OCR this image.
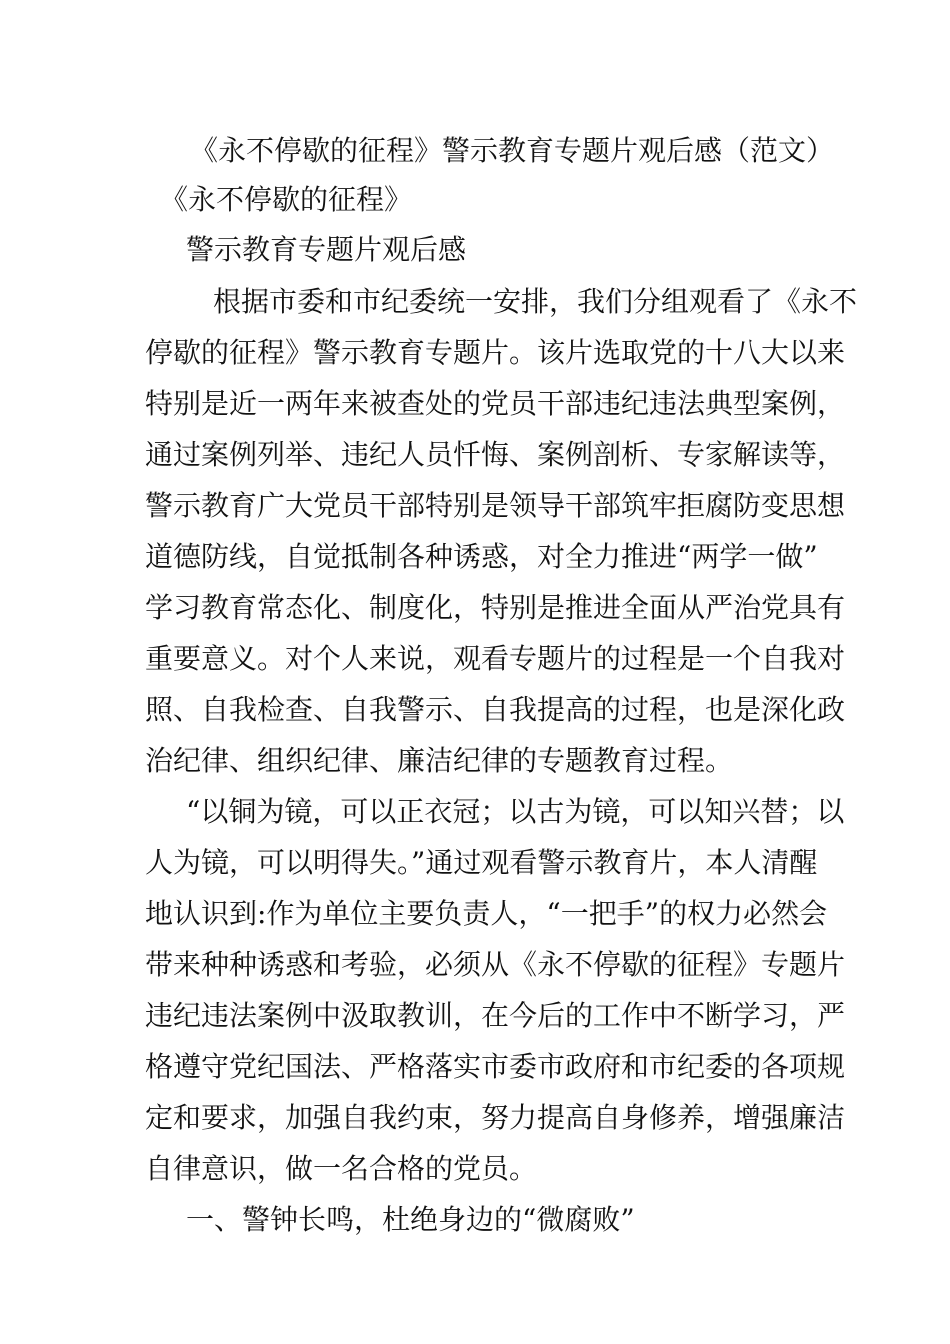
《永不停歇的征程》警示教育专题片观后感（范文）
《永不停歇的征程》
警示教育专题片观后感
根据市委和市纪委统一安排，我们分组观看了《永不
停歇的征程》警示教育专题片。该片选取党的十八大以来
特别是近一两年来被查处的党员干部违纪违法典型案例，
通过案例列举、违纪人员忏悔、案例剖析、专家解读等，
警示教育广大党员干部特别是领导干部筑牢拒腐防变思想
道德防线，自觉抵制各种诱惑，对全力推进“两学一做”
学习教育常态化、制度化，特别是推进全面从严治党具有
重要意义。对个人来说，观看专题片的过程是一个自我对
照、自我检查、自我警示、自我提高的过程，也是深化政
治纪律、组织纪律、廉洁纪律的专题教育过程。
“以铜为镜，可以正衣冠；以古为镜，可以知兴替；以
人为镜，可以明得失。”通过观看警示教育片，本人清醒
地认识到:作为单位主要负责人，“一把手”的权力必然会
带来种种诱惑和考验，必须从《永不停歇的征程》专题片
违纪违法案例中汲取教训，在今后的工作中不断学习，严
格遵守党纪国法、严格落实市委市政府和市纪委的各项规
定和要求，加强自我约束，努力提高自身修养，增强廉洁
自律意识，做一名合格的党员。
一、警钟长鸣，杜绝身边的“微腐败”
